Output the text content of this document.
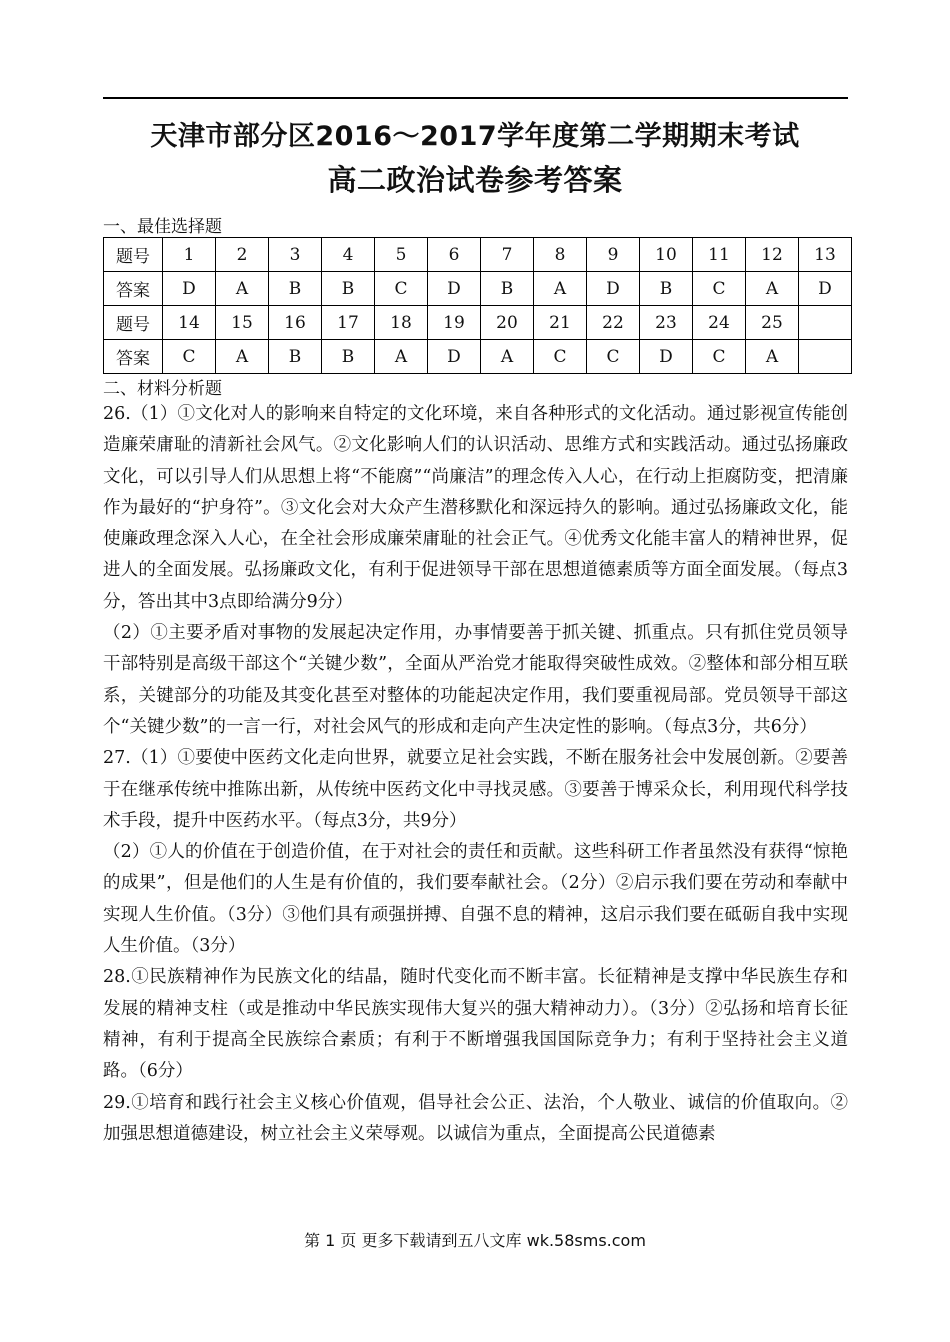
天津市部分区2016～2017学年度第二学期期末考试
高二政治试卷参考答案
一、最佳选择题
题号	1	2	3	4	5	6	7	8	9	10	11	12	13
答案	D	A	B	B	C	D	B	A	D	B	C	A	D
题号	14	15	16	17	18	19	20	21	22	23	24	25	
答案	C	A	B	B	A	D	A	C	C	D	C	A	
二、材料分析题

26.（1）①文化对人的影响来自特定的文化环境，来自各种形式的文化活动。通过影视宣传能创造廉荣庸耻的清新社会风气。②文化影响人们的认识活动、思维方式和实践活动。通过弘扬廉政文化，可以引导人们从思想上将“不能腐”“尚廉洁”的理念传入人心，在行动上拒腐防变，把清廉作为最好的“护身符”。③文化会对大众产生潜移默化和深远持久的影响。通过弘扬廉政文化，能使廉政理念深入人心，在全社会形成廉荣庸耻的社会正气。④优秀文化能丰富人的精神世界，促进人的全面发展。弘扬廉政文化，有利于促进领导干部在思想道德素质等方面全面发展。（每点3分，答出其中3点即给满分9分）

（2）①主要矛盾对事物的发展起决定作用，办事情要善于抓关键、抓重点。只有抓住党员领导干部特别是高级干部这个“关键少数”，全面从严治党才能取得突破性成效。②整体和部分相互联系，关键部分的功能及其变化甚至对整体的功能起决定作用，我们要重视局部。党员领导干部这个“关键少数”的一言一行，对社会风气的形成和走向产生决定性的影响。（每点3分，共6分）

27.（1）①要使中医药文化走向世界，就要立足社会实践，不断在服务社会中发展创新。②要善于在继承传统中推陈出新，从传统中医药文化中寻找灵感。③要善于博采众长，利用现代科学技术手段，提升中医药水平。（每点3分，共9分）

（2）①人的价值在于创造价值，在于对社会的责任和贡献。这些科研工作者虽然没有获得“惊艳的成果”，但是他们的人生是有价值的，我们要奉献社会。（2分）②启示我们要在劳动和奉献中实现人生价值。（3分）③他们具有顽强拼搏、自强不息的精神，这启示我们要在砥砺自我中实现人生价值。（3分）

28.①民族精神作为民族文化的结晶，随时代变化而不断丰富。长征精神是支撑中华民族生存和发展的精神支柱（或是推动中华民族实现伟大复兴的强大精神动力）。（3分）②弘扬和培育长征精神，有利于提高全民族综合素质；有利于不断增强我国国际竞争力；有利于坚持社会主义道路。（6分）

29.①培育和践行社会主义核心价值观，倡导社会公正、法治，个人敬业、诚信的价值取向。②加强思想道德建设，树立社会主义荣辱观。以诚信为重点，全面提高公民道德素

第 1 页 更多下载请到五八文库 wk.58sms.com
